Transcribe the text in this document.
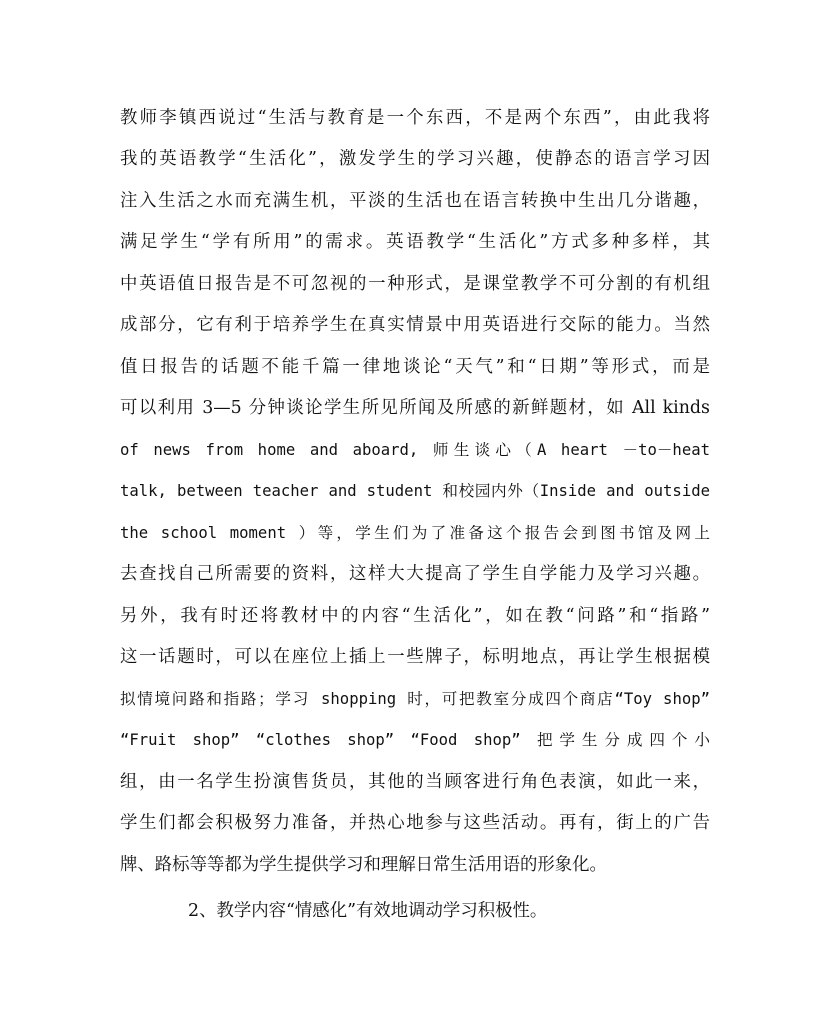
教师李镇西说过“生活与教育是一个东西，不是两个东西”，由此我将
我的英语教学“生活化”，激发学生的学习兴趣，使静态的语言学习因
注入生活之水而充满生机，平淡的生活也在语言转换中生出几分谐趣，
满足学生“学有所用”的需求。英语教学“生活化”方式多种多样，其
中英语值日报告是不可忽视的一种形式，是课堂教学不可分割的有机组
成部分，它有利于培养学生在真实情景中用英语进行交际的能力。当然
值日报告的话题不能千篇一律地谈论“天气”和“日期”等形式，而是
可以利用 3—5 分钟谈论学生所见所闻及所感的新鲜题材，如 All kinds
of news from home and aboard, 师生谈心（A heart －to－heat
talk, between teacher and student 和校园内外（Inside and outside
the school moment ）等，学生们为了准备这个报告会到图书馆及网上
去查找自己所需要的资料，这样大大提高了学生自学能力及学习兴趣。
另外，我有时还将教材中的内容“生活化”，如在教“问路”和“指路”
这一话题时，可以在座位上插上一些牌子，标明地点，再让学生根据模
拟情境问路和指路；学习 shopping 时，可把教室分成四个商店“Toy shop”
“Fruit shop” “clothes shop” “Food shop” 把学生分成四个小
组，由一名学生扮演售货员，其他的当顾客进行角色表演，如此一来，
学生们都会积极努力准备，并热心地参与这些活动。再有，街上的广告
牌、路标等等都为学生提供学习和理解日常生活用语的形象化。
2、教学内容“情感化”有效地调动学习积极性。
